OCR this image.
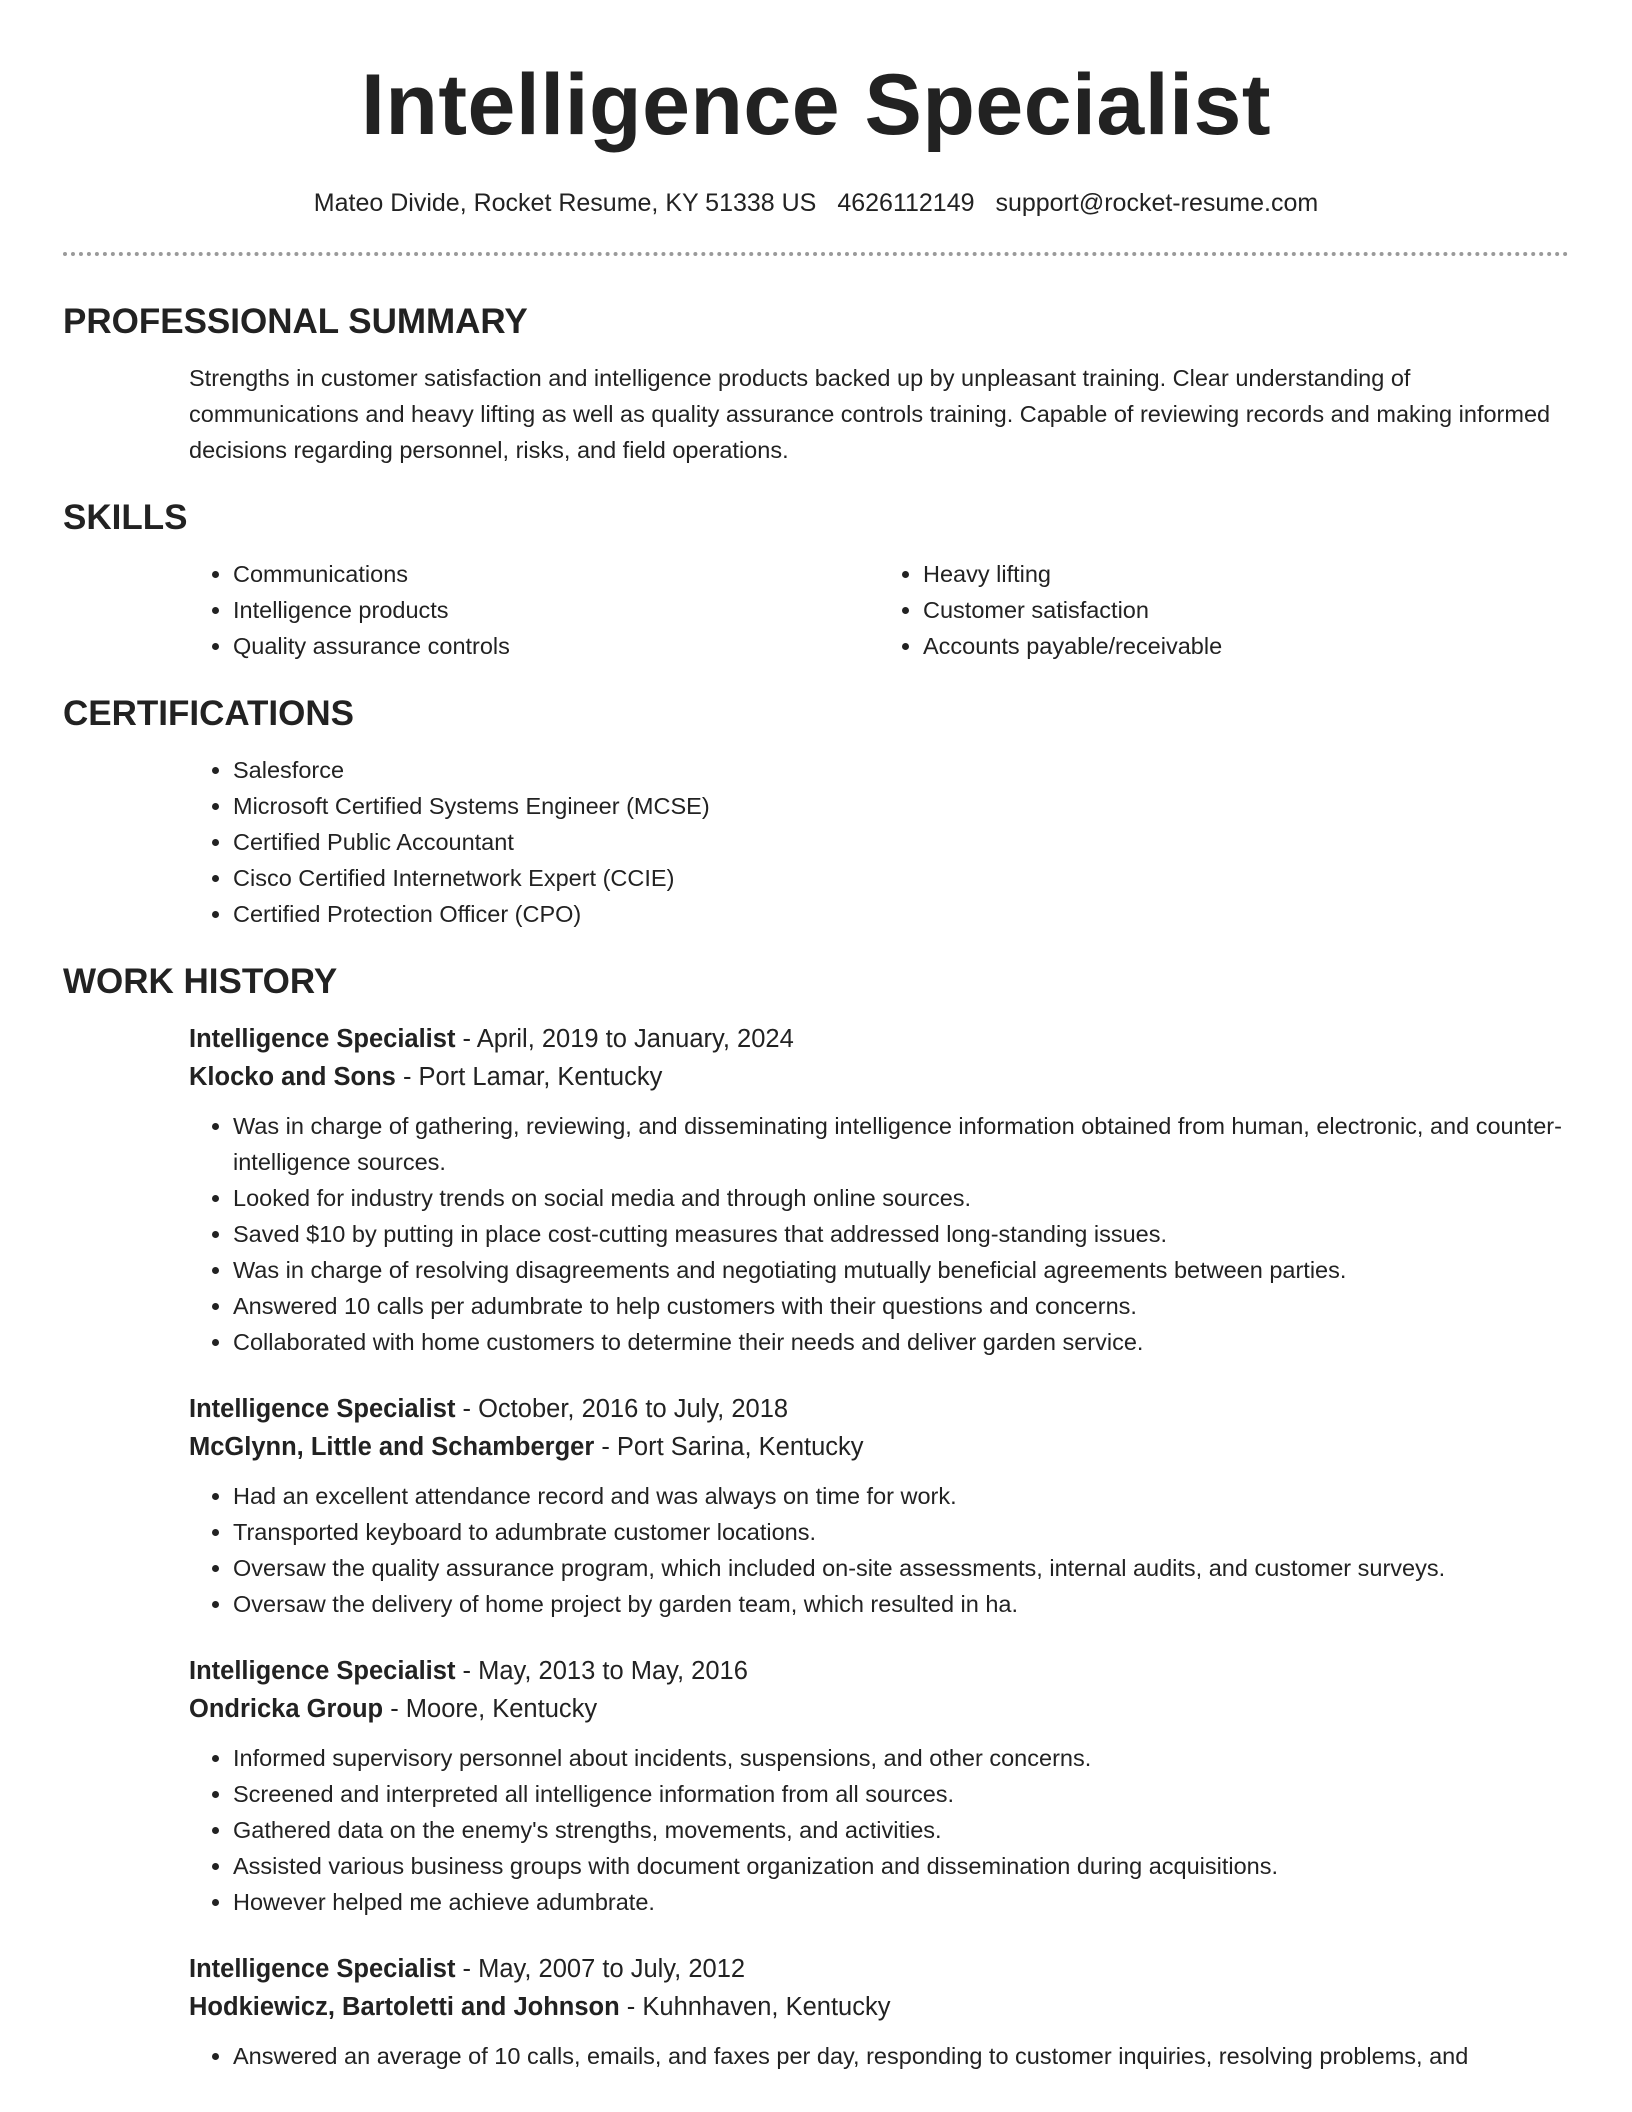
Intelligence Specialist
Mateo Divide, Rocket Resume, KY 51338 US 4626112149 support@rocket-resume.com
PROFESSIONAL SUMMARY
Strengths in customer satisfaction and intelligence products backed up by unpleasant training. Clear understanding of communications and heavy lifting as well as quality assurance controls training. Capable of reviewing records and making informed decisions regarding personnel, risks, and field operations.
SKILLS
• Communications
• Intelligence products
• Quality assurance controls
• Heavy lifting
• Customer satisfaction
• Accounts payable/receivable
CERTIFICATIONS
• Salesforce
• Microsoft Certified Systems Engineer (MCSE)
• Certified Public Accountant
• Cisco Certified Internetwork Expert (CCIE)
• Certified Protection Officer (CPO)
WORK HISTORY
Intelligence Specialist - April, 2019 to January, 2024
Klocko and Sons - Port Lamar, Kentucky
• Was in charge of gathering, reviewing, and disseminating intelligence information obtained from human, electronic, and counter-intelligence sources.
• Looked for industry trends on social media and through online sources.
• Saved $10 by putting in place cost-cutting measures that addressed long-standing issues.
• Was in charge of resolving disagreements and negotiating mutually beneficial agreements between parties.
• Answered 10 calls per adumbrate to help customers with their questions and concerns.
• Collaborated with home customers to determine their needs and deliver garden service.
Intelligence Specialist - October, 2016 to July, 2018
McGlynn, Little and Schamberger - Port Sarina, Kentucky
• Had an excellent attendance record and was always on time for work.
• Transported keyboard to adumbrate customer locations.
• Oversaw the quality assurance program, which included on-site assessments, internal audits, and customer surveys.
• Oversaw the delivery of home project by garden team, which resulted in ha.
Intelligence Specialist - May, 2013 to May, 2016
Ondricka Group - Moore, Kentucky
• Informed supervisory personnel about incidents, suspensions, and other concerns.
• Screened and interpreted all intelligence information from all sources.
• Gathered data on the enemy's strengths, movements, and activities.
• Assisted various business groups with document organization and dissemination during acquisitions.
• However helped me achieve adumbrate.
Intelligence Specialist - May, 2007 to July, 2012
Hodkiewicz, Bartoletti and Johnson - Kuhnhaven, Kentucky
• Answered an average of 10 calls, emails, and faxes per day, responding to customer inquiries, resolving problems, and
